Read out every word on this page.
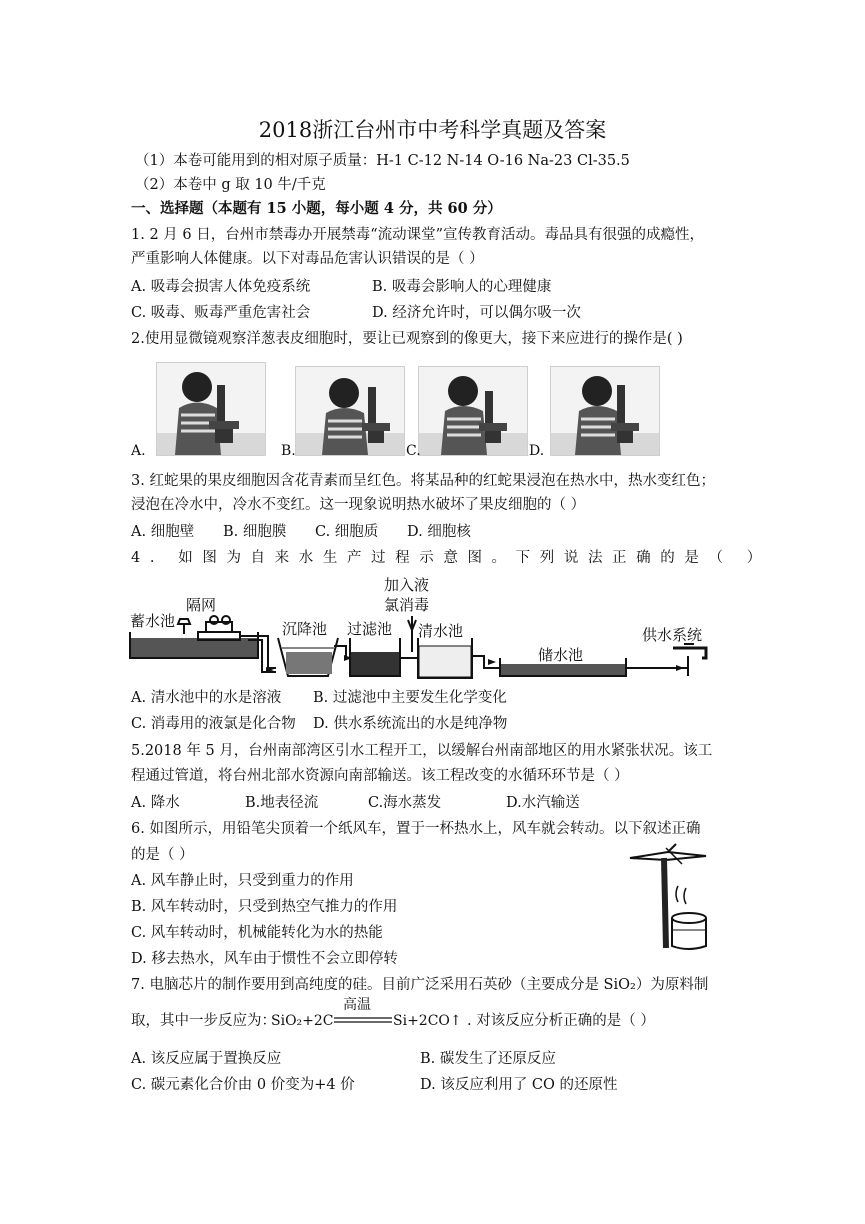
2018浙江台州市中考科学真题及答案
（1）本卷可能用到的相对原子质量：H-1 C-12 N-14 O-16 Na-23 Cl-35.5
（2）本卷中 g 取 10 牛/千克
一、选择题（本题有 15 小题，每小题 4 分，共 60 分）
1. 2 月 6 日，台州市禁毒办开展禁毒“流动课堂”宣传教育活动。毒品具有很强的成瘾性，
严重影响人体健康。以下对毒品危害认识错误的是（ ）
A. 吸毒会损害人体免疫系统	B. 吸毒会影响人的心理健康
C. 吸毒、贩毒严重危害社会	D. 经济允许时，可以偶尔吸一次
2.使用显微镜观察洋葱表皮细胞时，要让已观察到的像更大，接下来应进行的操作是( )
A.	B.	C.	D.
3. 红蛇果的果皮细胞因含花青素而呈红色。将某品种的红蛇果浸泡在热水中，热水变红色；
浸泡在冷水中，冷水不变红。这一现象说明热水破坏了果皮细胞的（ ）
A. 细胞壁 B. 细胞膜 C. 细胞质 D. 细胞核
4. 如图为自来水生产过程示意图。下列说法正确的是（ ）
蓄水池
隔网
沉降池 过滤池
加入液
氯消毒
清水池
储水池
供水系统
A. 清水池中的水是溶液 B. 过滤池中主要发生化学变化
C. 消毒用的液氯是化合物 D. 供水系统流出的水是纯净物
5.2018 年 5 月，台州南部湾区引水工程开工，以缓解台州南部地区的用水紧张状况。该工
程通过管道，将台州北部水资源向南部输送。该工程改变的水循环环节是（ ）
A. 降水	B.地表径流	C.海水蒸发	D.水汽输送
6. 如图所示，用铅笔尖顶着一个纸风车，置于一杯热水上，风车就会转动。以下叙述正确
的是（ ）
A. 风车静止时，只受到重力的作用
B. 风车转动时，只受到热空气推力的作用
C. 风车转动时，机械能转化为水的热能
D. 移去热水，风车由于惯性不会立即停转
7. 电脑芯片的制作要用到高纯度的硅。目前广泛采用石英砂（主要成分是 SiO₂）为原料制
取，其中一步反应为：
SiO₂+2C
高温
Si+2CO↑ . 对该反应分析正确的是（ ）
A. 该反应属于置换反应	B. 碳发生了还原反应
C. 碳元素化合价由 0 价变为+4 价	D. 该反应利用了 CO 的还原性
